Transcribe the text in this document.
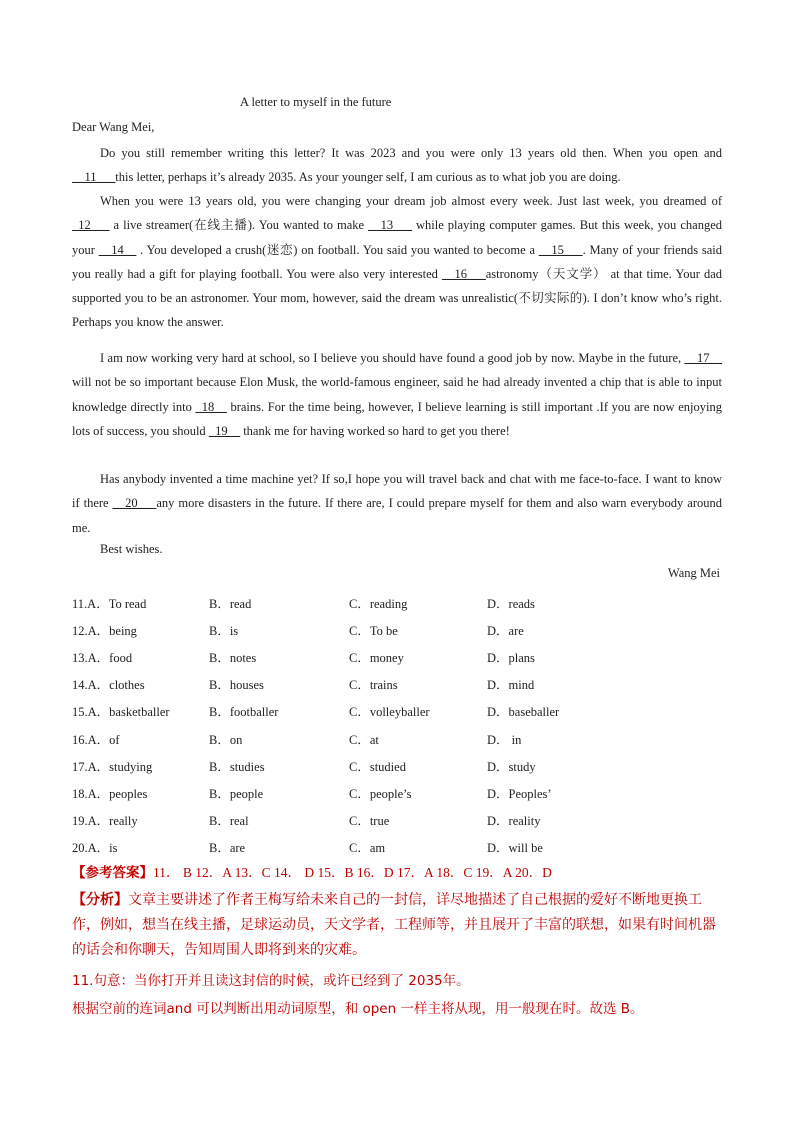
A letter to myself in the future
Dear Wang Mei,

Do you still remember writing this letter? It was 2023 and you were only 13 years old then. When you open and __11___this letter, perhaps it’s already 2035. As your younger self, I am curious as to what job you are doing.

When you were 13 years old, you were changing your dream job almost every week. Just last week, you dreamed of _12___ a live streamer(在线主播). You wanted to make __13___ while playing computer games. But this week, you changed your __14__ . You developed a crush(迷恋) on football. You said you wanted to become a __15___. Many of your friends said you really had a gift for playing football. You were also very interested __16___astronomy（天文学） at that time. Your dad supported you to be an astronomer. Your mom, however, said the dream was unrealistic(不切实际的). I don’t know who’s right. Perhaps you know the answer.

I am now working very hard at school, so I believe you should have found a good job by now. Maybe in the future, __17__ will not be so important because Elon Musk, the world-famous engineer, said he had already invented a chip that is able to input knowledge directly into _18__ brains. For the time being, however, I believe learning is still important .If you are now enjoying lots of success, you should _19__ thank me for having worked so hard to get you there!

Has anybody invented a time machine yet? If so,I hope you will travel back and chat with me face-to-face. I want to know if there __20___any more disasters in the future. If there are, I could prepare myself for them and also warn everybody around me.

Best wishes.
Wang Mei
11.A．To read	B．read	C．reading	D．reads
12.A．being	B．is	C．To be	D．are
13.A．food	B．notes	C．money	D．plans
14.A．clothes	B．houses	C．trains	D．mind
15.A．basketballer	B．footballer	C．volleyballer	D．baseballer
16.A．of	B．on	C．at	D． in
17.A．studying	B．studies	C．studied	D．study
18.A．peoples	B．people	C．people’s	D．Peoples’
19.A．really	B．real	C．true	D．reality
20.A．is	B．are	C．am	D．will be
【参考答案】11． B 12．A 13．C 14． D 15．B 16．D 17．A 18．C 19．A 20．D

【分析】文章主要讲述了作者王梅写给未来自己的一封信，详尽地描述了自己根据的爱好不断地更换工作，例如，想当在线主播，足球运动员，天文学者，工程师等，并且展开了丰富的联想，如果有时间机器的话会和你聊天，告知周围人即将到来的灾难。

11.句意：当你打开并且读这封信的时候，或许已经到了 2035年。
根据空前的连词and 可以判断出用动词原型，和 open 一样主将从现，用一般现在时。故选 B。
